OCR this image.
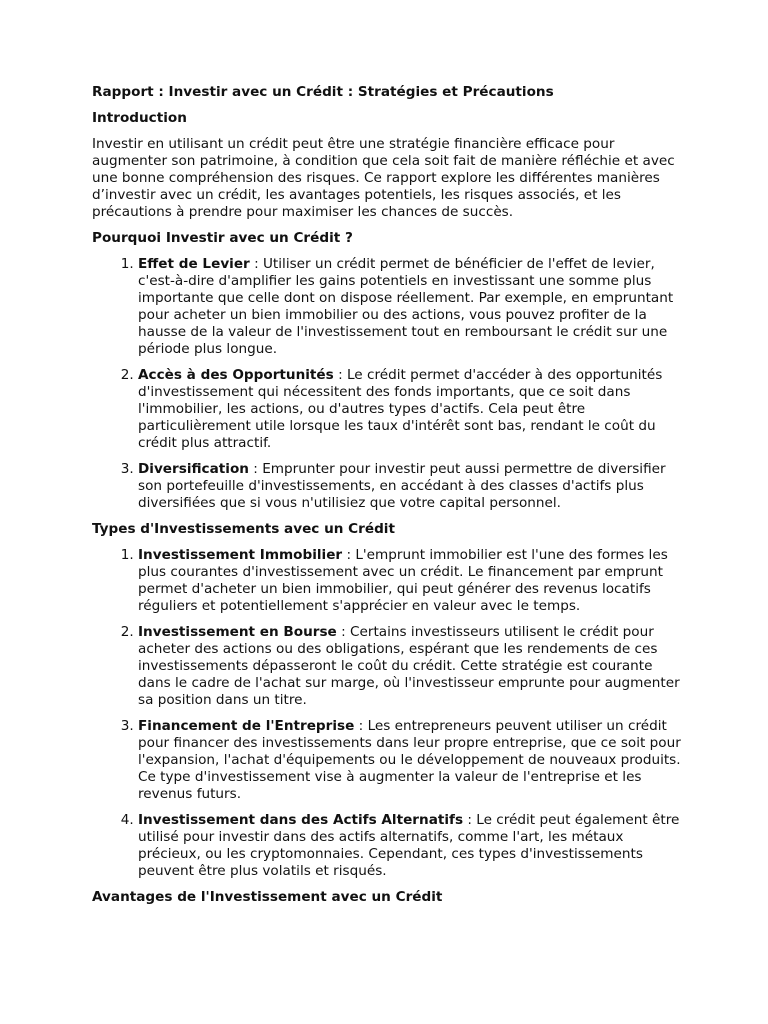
Rapport : Investir avec un Crédit : Stratégies et Précautions
Introduction
Investir en utilisant un crédit peut être une stratégie financière efficace pour augmenter son patrimoine, à condition que cela soit fait de manière réfléchie et avec une bonne compréhension des risques. Ce rapport explore les différentes manières d’investir avec un crédit, les avantages potentiels, les risques associés, et les précautions à prendre pour maximiser les chances de succès.
Pourquoi Investir avec un Crédit ?
1. Effet de Levier : Utiliser un crédit permet de bénéficier de l'effet de levier, c'est-à-dire d'amplifier les gains potentiels en investissant une somme plus importante que celle dont on dispose réellement. Par exemple, en empruntant pour acheter un bien immobilier ou des actions, vous pouvez profiter de la hausse de la valeur de l'investissement tout en remboursant le crédit sur une période plus longue.
2. Accès à des Opportunités : Le crédit permet d'accéder à des opportunités d'investissement qui nécessitent des fonds importants, que ce soit dans l'immobilier, les actions, ou d'autres types d'actifs. Cela peut être particulièrement utile lorsque les taux d'intérêt sont bas, rendant le coût du crédit plus attractif.
3. Diversification : Emprunter pour investir peut aussi permettre de diversifier son portefeuille d'investissements, en accédant à des classes d'actifs plus diversifiées que si vous n'utilisiez que votre capital personnel.
Types d'Investissements avec un Crédit
1. Investissement Immobilier : L'emprunt immobilier est l'une des formes les plus courantes d'investissement avec un crédit. Le financement par emprunt permet d'acheter un bien immobilier, qui peut générer des revenus locatifs réguliers et potentiellement s'apprécier en valeur avec le temps.
2. Investissement en Bourse : Certains investisseurs utilisent le crédit pour acheter des actions ou des obligations, espérant que les rendements de ces investissements dépasseront le coût du crédit. Cette stratégie est courante dans le cadre de l'achat sur marge, où l'investisseur emprunte pour augmenter sa position dans un titre.
3. Financement de l'Entreprise : Les entrepreneurs peuvent utiliser un crédit pour financer des investissements dans leur propre entreprise, que ce soit pour l'expansion, l'achat d'équipements ou le développement de nouveaux produits. Ce type d'investissement vise à augmenter la valeur de l'entreprise et les revenus futurs.
4. Investissement dans des Actifs Alternatifs : Le crédit peut également être utilisé pour investir dans des actifs alternatifs, comme l'art, les métaux précieux, ou les cryptomonnaies. Cependant, ces types d'investissements peuvent être plus volatils et risqués.
Avantages de l'Investissement avec un Crédit
